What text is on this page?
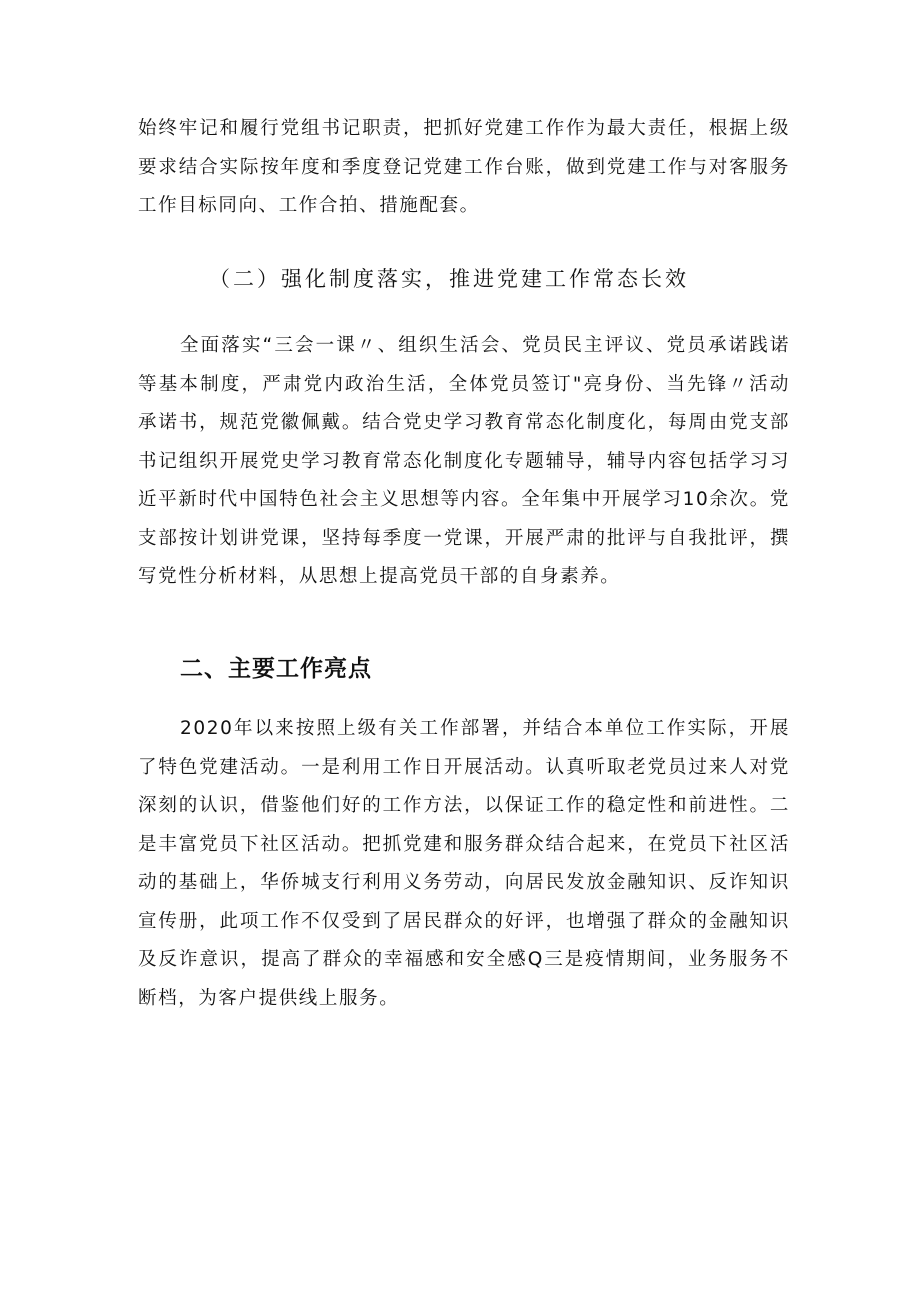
始终牢记和履行党组书记职责，把抓好党建工作作为最大责任，根据上级要求结合实际按年度和季度登记党建工作台账，做到党建工作与对客服务工作目标同向、工作合拍、措施配套。

（二）强化制度落实，推进党建工作常态长效

全面落实“三会一课〃、组织生活会、党员民主评议、党员承诺践诺等基本制度，严肃党内政治生活，全体党员签订"亮身份、当先锋〃活动承诺书，规范党徽佩戴。结合党史学习教育常态化制度化，每周由党支部书记组织开展党史学习教育常态化制度化专题辅导，辅导内容包括学习习近平新时代中国特色社会主义思想等内容。全年集中开展学习10余次。党支部按计划讲党课，坚持每季度一党课，开展严肃的批评与自我批评，撰写党性分析材料，从思想上提高党员干部的自身素养。

二、主要工作亮点

2020年以来按照上级有关工作部署，并结合本单位工作实际，开展了特色党建活动。一是利用工作日开展活动。认真听取老党员过来人对党深刻的认识，借鉴他们好的工作方法，以保证工作的稳定性和前进性。二是丰富党员下社区活动。把抓党建和服务群众结合起来，在党员下社区活动的基础上，华侨城支行利用义务劳动，向居民发放金融知识、反诈知识宣传册，此项工作不仅受到了居民群众的好评，也增强了群众的金融知识及反诈意识，提高了群众的幸福感和安全感Q三是疫情期间，业务服务不断档，为客户提供线上服务。
